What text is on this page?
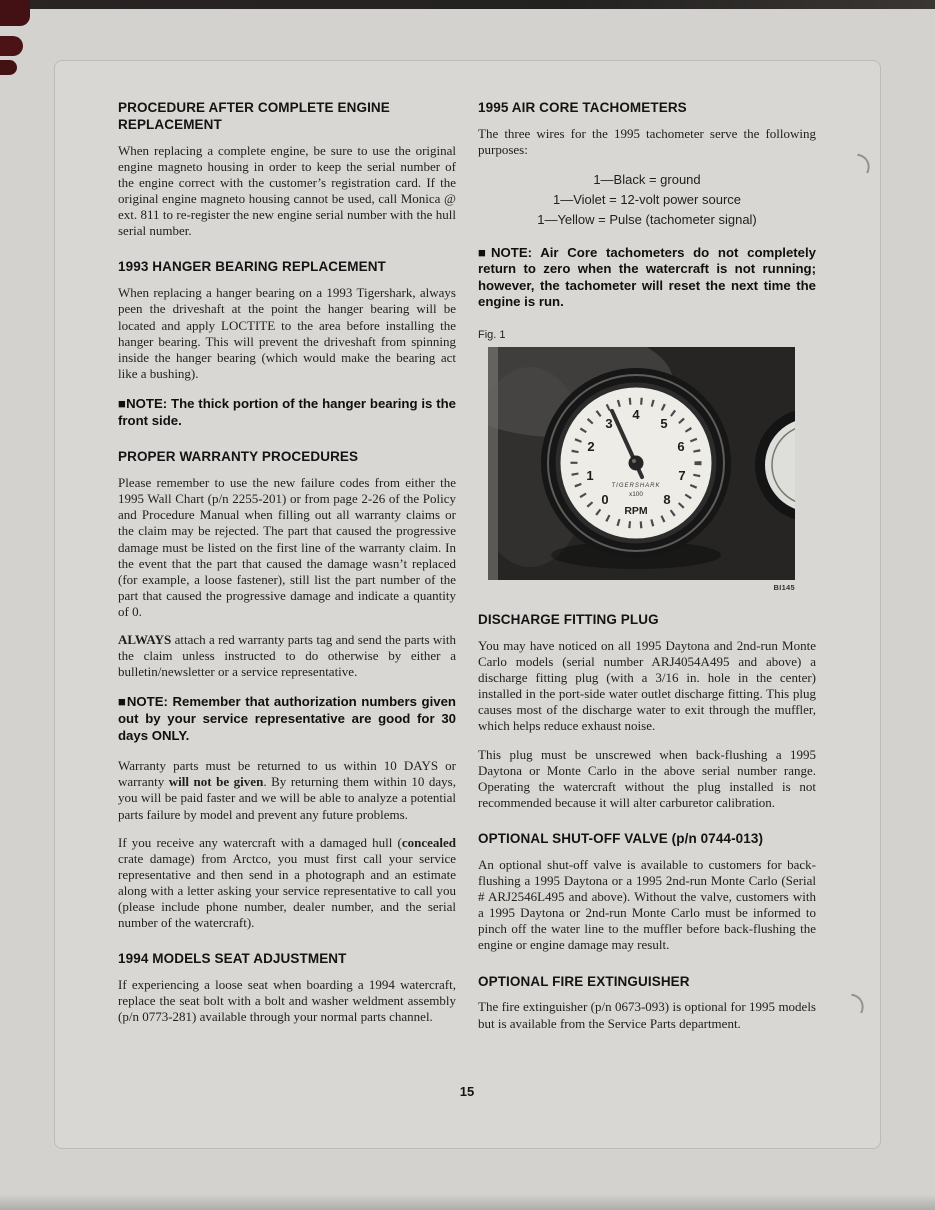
PROCEDURE AFTER COMPLETE ENGINE REPLACEMENT

When replacing a complete engine, be sure to use the original engine magneto housing in order to keep the serial number of the engine correct with the customer’s registration card. If the original engine magneto housing cannot be used, call Monica @ ext. 811 to re-register the new engine serial number with the hull serial number.

1993 HANGER BEARING REPLACEMENT

When replacing a hanger bearing on a 1993 Tigershark, always peen the driveshaft at the point the hanger bearing will be located and apply LOCTITE to the area before installing the hanger bearing. This will prevent the driveshaft from spinning inside the hanger bearing (which would make the bearing act like a bushing).

■NOTE: The thick portion of the hanger bearing is the front side.

PROPER WARRANTY PROCEDURES

Please remember to use the new failure codes from either the 1995 Wall Chart (p/n 2255-201) or from page 2-26 of the Policy and Procedure Manual when filling out all warranty claims or the claim may be rejected. The part that caused the progressive damage must be listed on the first line of the warranty claim. In the event that the part that caused the damage wasn’t replaced (for example, a loose fastener), still list the part number of the part that caused the progressive damage and indicate a quantity of 0.

ALWAYS attach a red warranty parts tag and send the parts with the claim unless instructed to do otherwise by either a bulletin/newsletter or a service representative.

■NOTE: Remember that authorization numbers given out by your service representative are good for 30 days ONLY.

Warranty parts must be returned to us within 10 DAYS or warranty will not be given. By returning them within 10 days, you will be paid faster and we will be able to analyze a potential parts failure by model and prevent any future problems.

If you receive any watercraft with a damaged hull (concealed crate damage) from Arctco, you must first call your service representative and then send in a photograph and an estimate along with a letter asking your service representative to call you (please include phone number, dealer number, and the serial number of the watercraft).

1994 MODELS SEAT ADJUSTMENT

If experiencing a loose seat when boarding a 1994 watercraft, replace the seat bolt with a bolt and washer weldment assembly (p/n 0773-281) available through your normal parts channel.

1995 AIR CORE TACHOMETERS

The three wires for the 1995 tachometer serve the following purposes:

1—Black = ground
1—Violet = 12-volt power source
1—Yellow = Pulse (tachometer signal)

■NOTE: Air Core tachometers do not completely return to zero when the watercraft is not running; however, the tachometer will reset the next time the engine is run.

Fig. 1
0
1
2
3
4
5
6
7
8
TIGERSHARK
x100
RPM
BI145
DISCHARGE FITTING PLUG

You may have noticed on all 1995 Daytona and 2nd-run Monte Carlo models (serial number ARJ4054A495 and above) a discharge fitting plug (with a 3/16 in. hole in the center) installed in the port-side water outlet discharge fitting. This plug causes most of the discharge water to exit through the muffler, which helps reduce exhaust noise.

This plug must be unscrewed when back-flushing a 1995 Daytona or Monte Carlo in the above serial number range. Operating the watercraft without the plug installed is not recommended because it will alter carburetor calibration.

OPTIONAL SHUT-OFF VALVE (p/n 0744-013)

An optional shut-off valve is available to customers for back-flushing a 1995 Daytona or a 1995 2nd-run Monte Carlo (Serial # ARJ2546L495 and above). Without the valve, customers with a 1995 Daytona or 2nd-run Monte Carlo must be informed to pinch off the water line to the muffler before back-flushing the engine or engine damage may result.

OPTIONAL FIRE EXTINGUISHER

The fire extinguisher (p/n 0673-093) is optional for 1995 models but is available from the Service Parts department.

15
